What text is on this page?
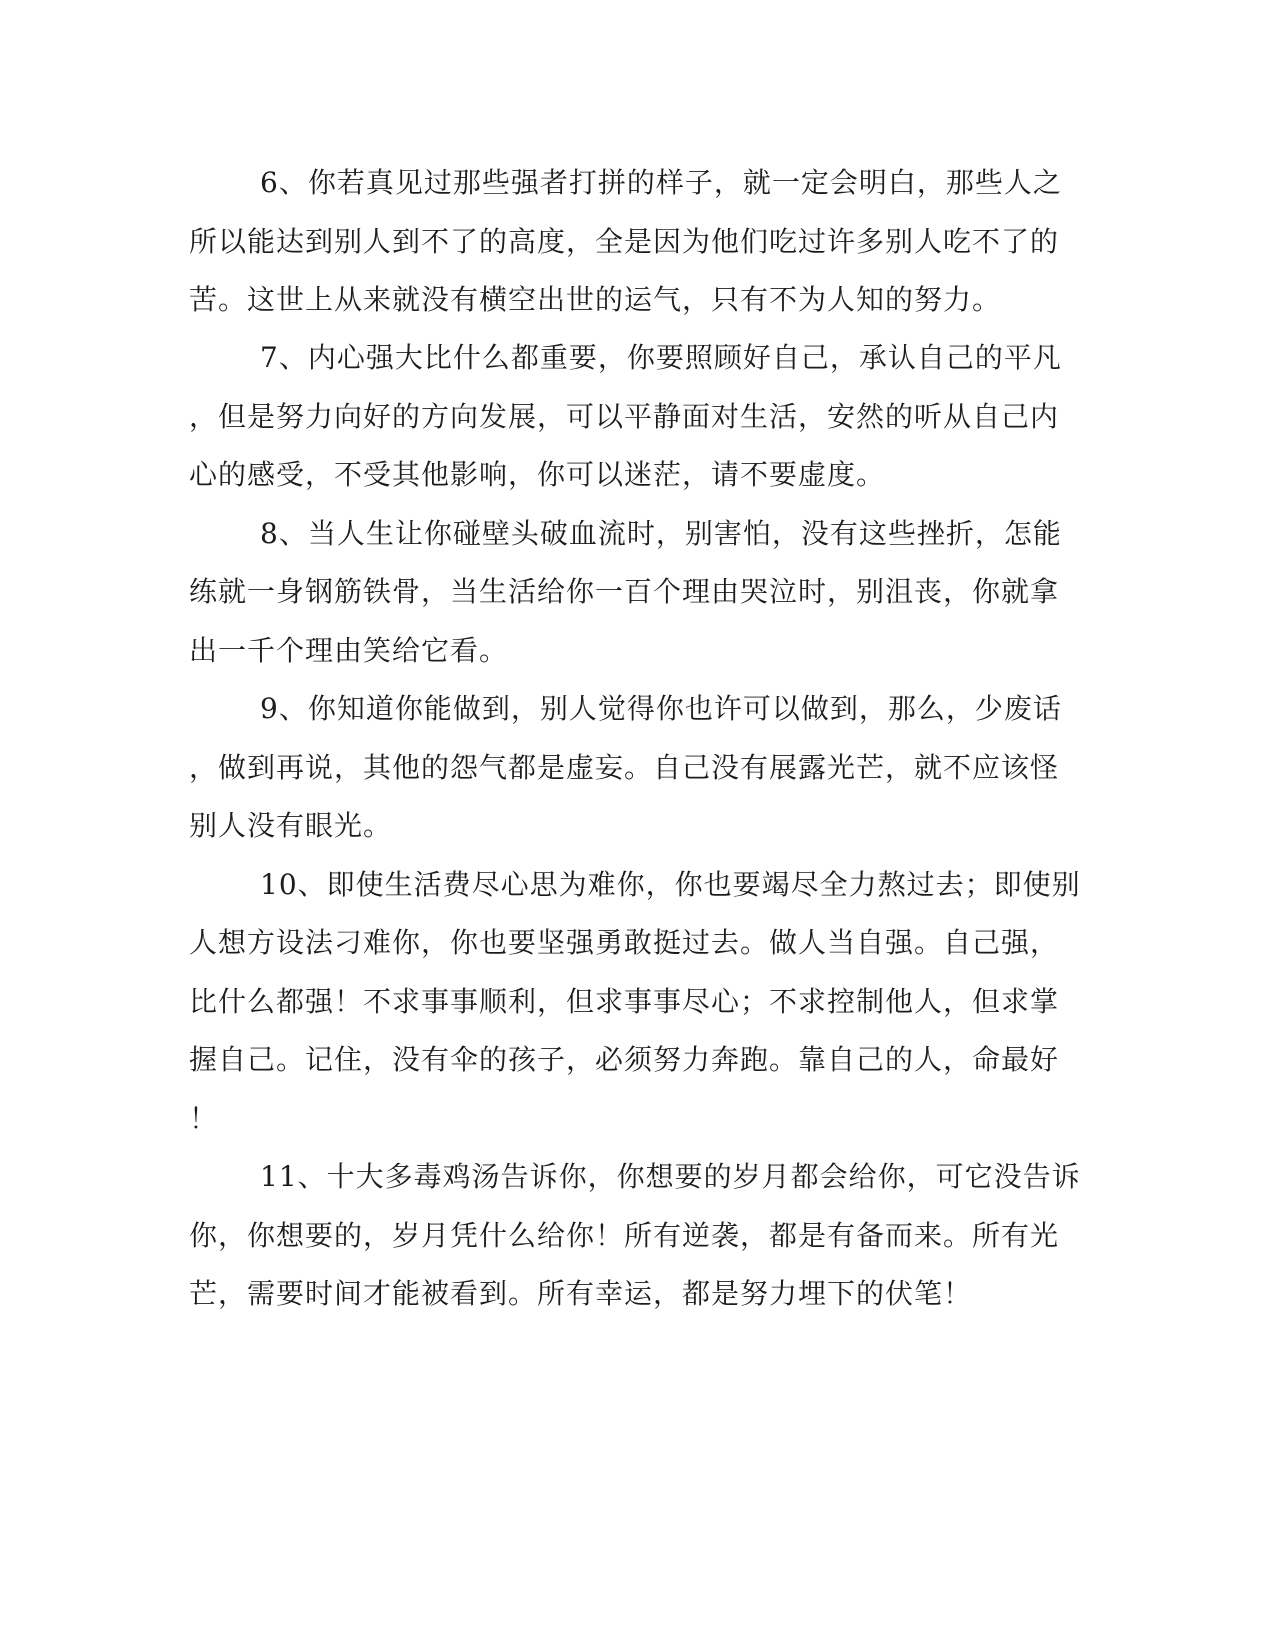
6、你若真见过那些强者打拼的样子，就一定会明白，那些人之
所以能达到别人到不了的高度，全是因为他们吃过许多别人吃不了的
苦。这世上从来就没有横空出世的运气，只有不为人知的努力。
7、内心强大比什么都重要，你要照顾好自己，承认自己的平凡
，但是努力向好的方向发展，可以平静面对生活，安然的听从自己内
心的感受，不受其他影响，你可以迷茫，请不要虚度。
8、当人生让你碰壁头破血流时，别害怕，没有这些挫折，怎能
练就一身钢筋铁骨，当生活给你一百个理由哭泣时，别沮丧，你就拿
出一千个理由笑给它看。
9、你知道你能做到，别人觉得你也许可以做到，那么，少废话
，做到再说，其他的怨气都是虚妄。自己没有展露光芒，就不应该怪
别人没有眼光。
10、即使生活费尽心思为难你，你也要竭尽全力熬过去；即使别
人想方设法刁难你，你也要坚强勇敢挺过去。做人当自强。自己强，
比什么都强！不求事事顺利，但求事事尽心；不求控制他人，但求掌
握自己。记住，没有伞的孩子，必须努力奔跑。靠自己的人，命最好
！
11、十大多毒鸡汤告诉你，你想要的岁月都会给你，可它没告诉
你，你想要的，岁月凭什么给你！所有逆袭，都是有备而来。所有光
芒，需要时间才能被看到。所有幸运，都是努力埋下的伏笔！
